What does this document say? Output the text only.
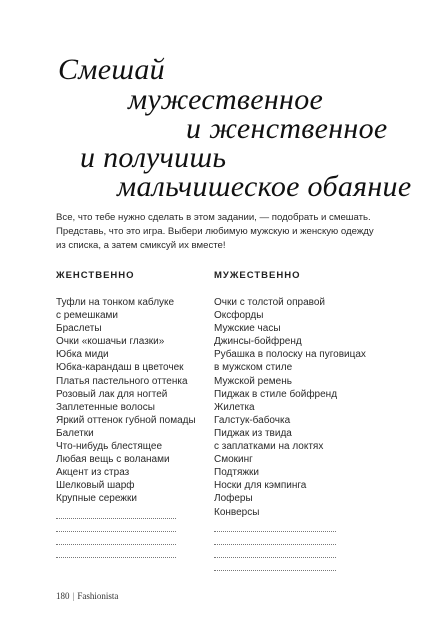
Смешай
мужественное
и женственное
и получишь
мальчишеское обаяние

Все, что тебе нужно сделать в этом задании, — подобрать и смешать. Представь, что это игра. Выбери любимую мужскую и женскую одежду из списка, а затем смиксуй их вместе!

ЖЕНСТВЕННО
Туфли на тонком каблуке
с ремешками
Браслеты
Очки «кошачьи глазки»
Юбка миди
Юбка-карандаш в цветочек
Платья пастельного оттенка
Розовый лак для ногтей
Заплетенные волосы
Яркий оттенок губной помады
Балетки
Что-нибудь блестящее
Любая вещь с воланами
Акцент из страз
Шелковый шарф
Крупные сережки
МУЖЕСТВЕННО
Очки с толстой оправой
Оксфорды
Мужские часы
Джинсы-бойфренд
Рубашка в полоску на пуговицах
в мужском стиле
Мужской ремень
Пиджак в стиле бойфренд
Жилетка
Галстук-бабочка
Пиджак из твида
с заплатками на локтях
Смокинг
Подтяжки
Носки для кэмпинга
Лоферы
Конверсы
180 | Fashionista
